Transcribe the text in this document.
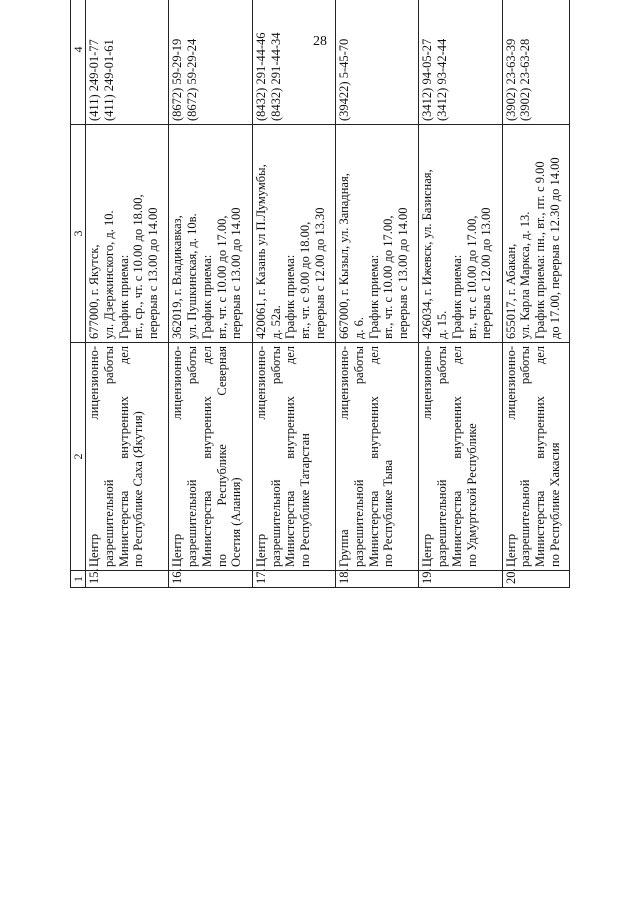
28
1	2	3	4	
15.	Центр лицензионно- разрешительной работы Министерства внутренних дел по Республике Саха (Якутия)	677000, г. Якутск, ул. Дзержинского, д. 10. График приема: вт., ср., чт. с 10.00 до 18.00, перерыв с 13.00 до 14.00	(411) 249-01-77 (411) 249-01-61

16.	Центр лицензионно- разрешительной работы Министерства внутренних дел по Республике Северная Осетия (Алания)	362019, г. Владикавказ, ул. Пушкинская, д. 10в. График приема: вт., чт. с 10.00 до 17.00, перерыв с 13.00 до 14.00	(8672) 59-29-19 (8672) 59-29-24

17.	Центр лицензионно- разрешительной работы Министерства внутренних дел по Республике Татарстан	420061, г. Казань ул П.Лумумбы, д. 52а. График приема: вт., чт. с 9.00 до 18.00, перерыв с 12.00 до 13.30	(8432) 291-44-46 (8432) 291-44-34

18.	Группа лицензионно- разрешительной работы Министерства внутренних дел по Республике Тыва	667000, г. Кызыл, ул. Западная, д. 6. График приема: вт., чт. с 10.00 до 17.00, перерыв с 13.00 до 14.00	(39422) 5-45-70

19.	Центр лицензионно- разрешительной работы Министерства внутренних дел по Удмуртской Республике	426034, г. Ижевск, ул. Базисная, д. 15. График приема: вт., чт. с 10.00 до 17.00, перерыв с 12.00 до 13.00	(3412) 94-05-27 (3412) 93-42-44

20.	Центр лицензионно- разрешительной работы Министерства внутренних дел по Республике Хакасия	655017, г. Абакан, ул. Карла Маркса, д. 13. График приема: пн., вт., пт. с 9.00 до 17.00, перерыв с 12.30 до 14.00	(3902) 23-63-39 (3902) 23-63-28
